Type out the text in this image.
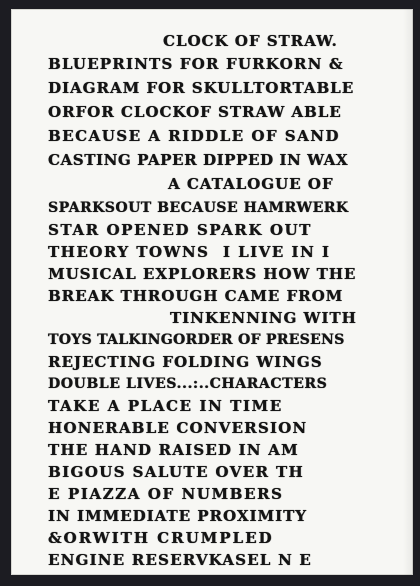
CLOCK OF STRAW.
BLUEPRINTS FOR FURKORN &
DIAGRAM FOR SKULLTORTABLE
ORFOR CLOCKOF STRAW ABLE
BECAUSE A RIDDLE OF SAND
CASTING PAPER DIPPED IN WAX
A CATALOGUE OF
SPARKSOUT BECAUSE HAMRWERK
STAR OPENED SPARK OUT
THEORY TOWNS  I LIVE IN I
MUSICAL EXPLORERS HOW THE
BREAK THROUGH CAME FROM
TINKENNING WITH
TOYS TALKINGORDER OF PRESENS
REJECTING FOLDING WINGS
DOUBLE LIVES...:..CHARACTERS
TAKE A PLACE IN TIME
HONERABLE CONVERSION
THE HAND RAISED IN AM
BIGOUS SALUTE OVER TH
E PIAZZA OF NUMBERS
IN IMMEDIATE PROXIMITY
&ORWITH CRUMPLED
ENGINE RESERVKASEL N E
